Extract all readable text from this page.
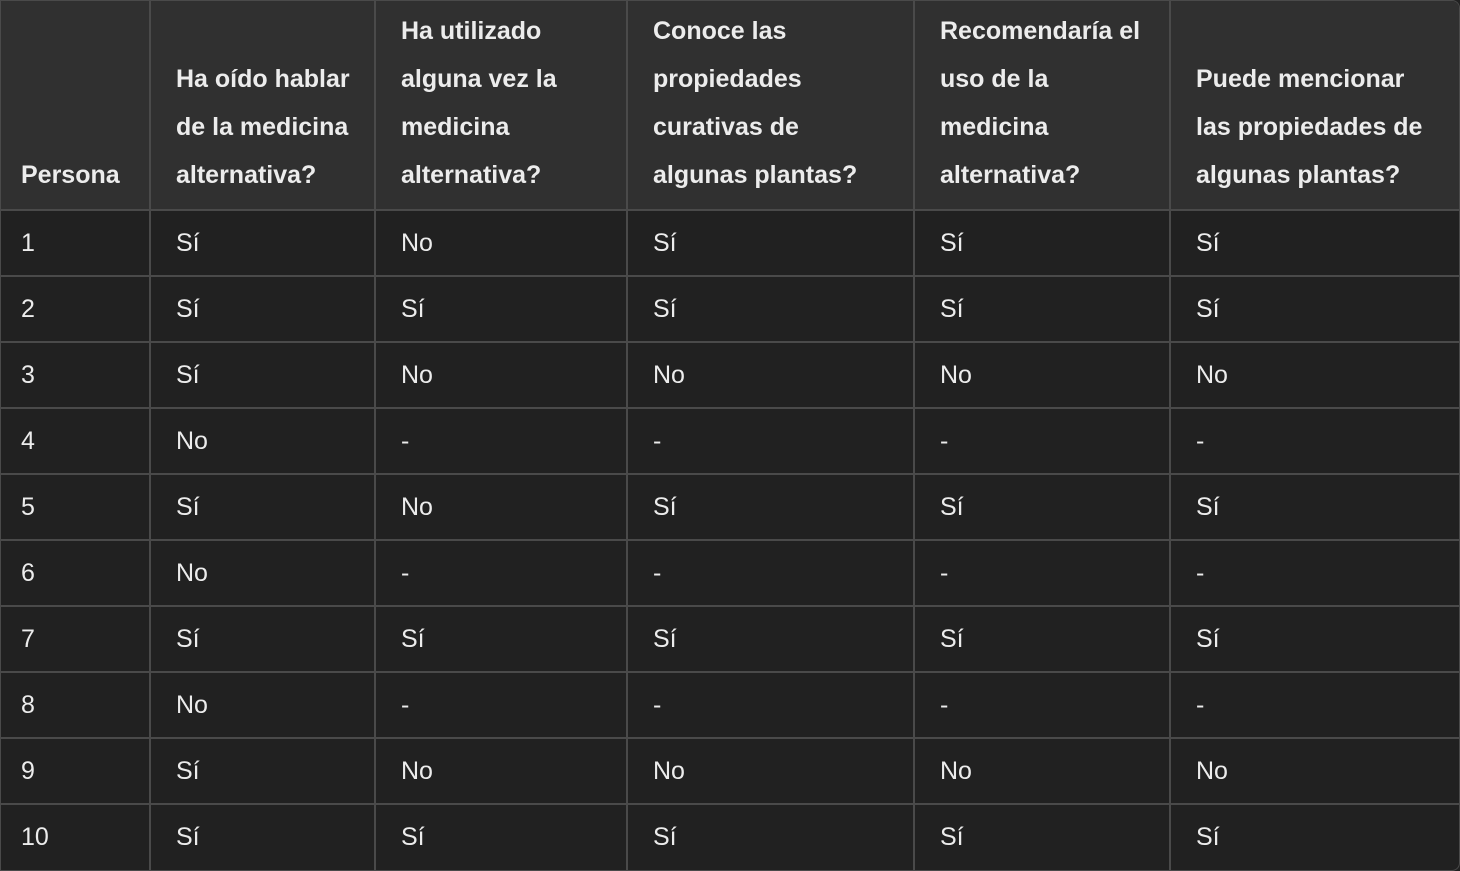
Persona	Ha oído hablar de la medicina alternativa?	Ha utilizado alguna vez la medicina alternativa?	Conoce las propiedades curativas de algunas plantas?	Recomendaría el uso de la medicina alternativa?	Puede mencionar las propiedades de algunas plantas?
1	Sí	No	Sí	Sí	Sí
2	Sí	Sí	Sí	Sí	Sí
3	Sí	No	No	No	No
4	No	-	-	-	-
5	Sí	No	Sí	Sí	Sí
6	No	-	-	-	-
7	Sí	Sí	Sí	Sí	Sí
8	No	-	-	-	-
9	Sí	No	No	No	No
10	Sí	Sí	Sí	Sí	Sí
